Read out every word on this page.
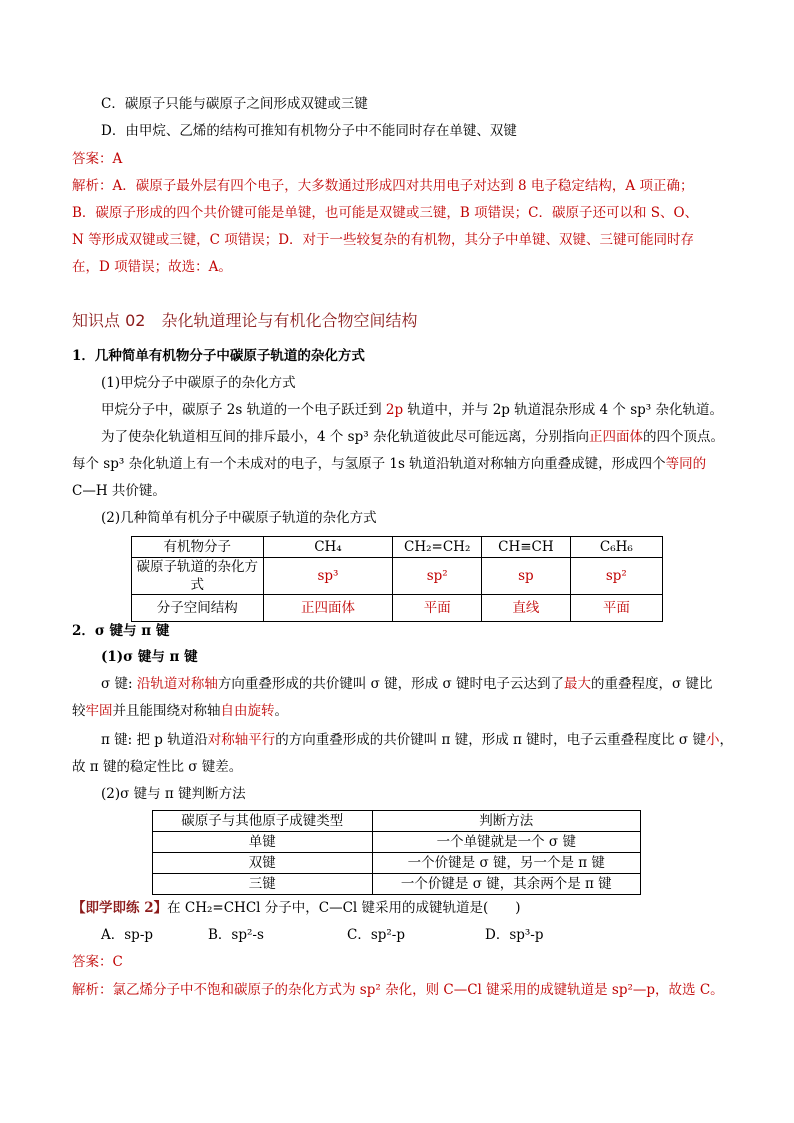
C．碳原子只能与碳原子之间形成双键或三键
D．由甲烷、乙烯的结构可推知有机物分子中不能同时存在单键、双键
答案：A
解析：A．碳原子最外层有四个电子，大多数通过形成四对共用电子对达到 8 电子稳定结构，A 项正确；
B．碳原子形成的四个共价键可能是单键，也可能是双键或三键，B 项错误；C．碳原子还可以和 S、O、
N 等形成双键或三键，C 项错误；D．对于一些较复杂的有机物，其分子中单键、双键、三键可能同时存
在，D 项错误；故选：A。
知识点 02　杂化轨道理论与有机化合物空间结构
1．几种简单有机物分子中碳原子轨道的杂化方式
(1)甲烷分子中碳原子的杂化方式
甲烷分子中，碳原子 2s 轨道的一个电子跃迁到 2p 轨道中，并与 2p 轨道混杂形成 4 个 sp³ 杂化轨道。
为了使杂化轨道相互间的排斥最小，4 个 sp³ 杂化轨道彼此尽可能远离，分别指向正四面体的四个顶点。
每个 sp³ 杂化轨道上有一个未成对的电子，与氢原子 1s 轨道沿轨道对称轴方向重叠成键，形成四个等同的
C—H 共价键。
(2)几种简单有机分子中碳原子轨道的杂化方式
有机物分子	CH₄	CH₂=CH₂	CH≡CH	C₆H₆
碳原子轨道的杂化方式	sp³	sp²	sp	sp²
分子空间结构	正四面体	平面	直线	平面
2．σ 键与 π 键
(1)σ 键与 π 键
σ 键: 沿轨道对称轴方向重叠形成的共价键叫 σ 键，形成 σ 键时电子云达到了最大的重叠程度，σ 键比
较牢固并且能围绕对称轴自由旋转。
π 键: 把 p 轨道沿对称轴平行的方向重叠形成的共价键叫 π 键，形成 π 键时，电子云重叠程度比 σ 键小，
故 π 键的稳定性比 σ 键差。
(2)σ 键与 π 键判断方法
碳原子与其他原子成键类型	判断方法
单键	一个单键就是一个 σ 键
双键	一个价键是 σ 键，另一个是 π 键
三键	一个价键是 σ 键，其余两个是 π 键
【即学即练 2】在 CH₂=CHCl 分子中，C—Cl 键采用的成键轨道是(　　)
A．sp-p	B．sp²-s	C．sp²-p	D．sp³-p
答案：C
解析：氯乙烯分子中不饱和碳原子的杂化方式为 sp² 杂化，则 C—Cl 键采用的成键轨道是 sp²—p，故选 C。
